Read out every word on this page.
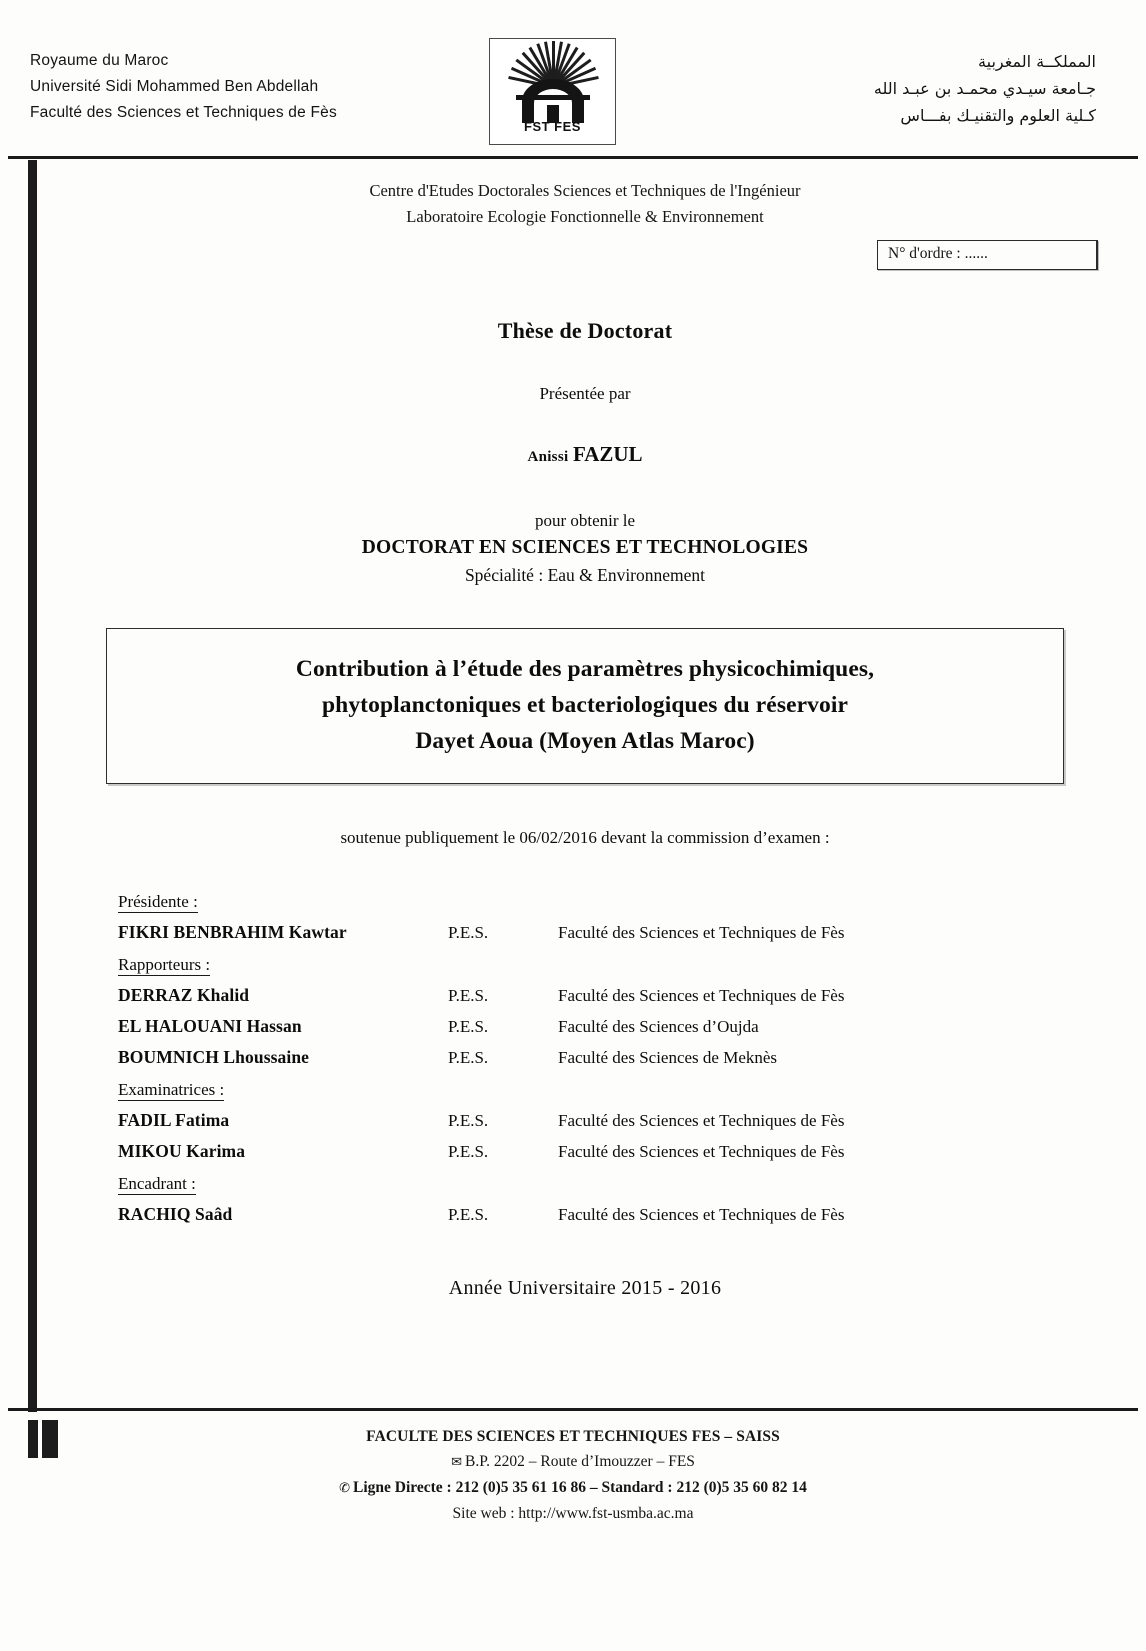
Royaume du Maroc
Université Sidi Mohammed Ben Abdellah
Faculté des Sciences et Techniques de Fès
FST FES
المملكــة المغربية
جـامعة سيـدي محمـد بن عبـد الله
كـلية العلوم والتقنيـك بفـــاس
Centre d'Etudes Doctorales Sciences et Techniques de l'Ingénieur
Laboratoire Ecologie Fonctionnelle & Environnement
N° d'ordre : ......
Thèse de Doctorat
Présentée par
Anissi FAZUL
pour obtenir le
DOCTORAT EN SCIENCES ET TECHNOLOGIES
Spécialité : Eau & Environnement
Contribution à l’étude des paramètres physicochimiques,
phytoplanctoniques et bacteriologiques du réservoir
Dayet Aoua (Moyen Atlas Maroc)
soutenue publiquement le 06/02/2016 devant la commission d’examen :
Présidente :
FIKRI BENBRAHIM Kawtar	P.E.S.	Faculté des Sciences et Techniques de Fès
Rapporteurs :
DERRAZ Khalid	P.E.S.	Faculté des Sciences et Techniques de Fès
EL HALOUANI Hassan	P.E.S.	Faculté des Sciences d’Oujda
BOUMNICH Lhoussaine	P.E.S.	Faculté des Sciences de Meknès
Examinatrices :
FADIL Fatima	P.E.S.	Faculté des Sciences et Techniques de Fès
MIKOU Karima	P.E.S.	Faculté des Sciences et Techniques de Fès
Encadrant :
RACHIQ Saâd	P.E.S.	Faculté des Sciences et Techniques de Fès
Année Universitaire 2015 - 2016
FACULTE DES SCIENCES ET TECHNIQUES FES – SAISS
✉ B.P. 2202 – Route d’Imouzzer – FES
✆ Ligne Directe : 212 (0)5 35 61 16 86 – Standard : 212 (0)5 35 60 82 14
Site web : http://www.fst-usmba.ac.ma
